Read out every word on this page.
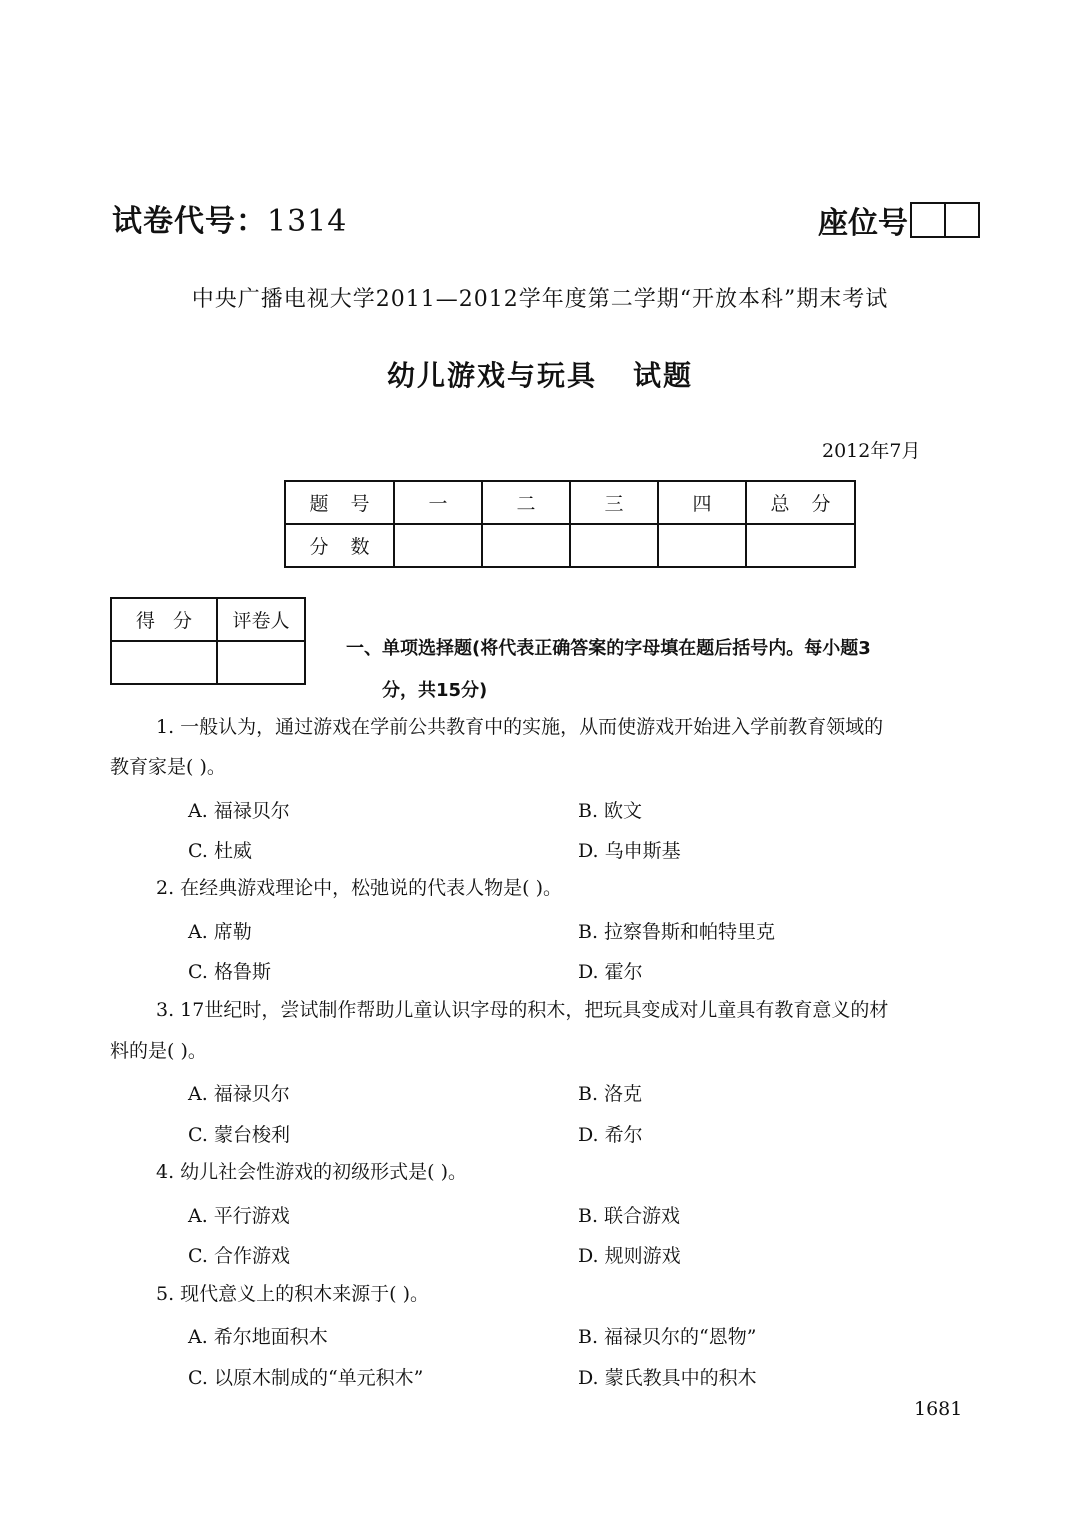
试卷代号：1314	座位号
中央广播电视大学2011—2012学年度第二学期“开放本科”期末考试
幼儿游戏与玩具 试题
2012年7月
题号	一	二	三	四	总分
分数					
得分	评卷人

一、单项选择题(将代表正确答案的字母填在题后括号内。每小题3
分，共15分)
1. 一般认为，通过游戏在学前公共教育中的实施，从而使游戏开始进入学前教育领域的
教育家是( )。
A. 福禄贝尔	B. 欧文
C. 杜威	D. 乌申斯基
2. 在经典游戏理论中，松弛说的代表人物是( )。
A. 席勒	B. 拉察鲁斯和帕特里克
C. 格鲁斯	D. 霍尔
3. 17世纪时，尝试制作帮助儿童认识字母的积木，把玩具变成对儿童具有教育意义的材
料的是( )。
A. 福禄贝尔	B. 洛克
C. 蒙台梭利	D. 希尔
4. 幼儿社会性游戏的初级形式是( )。
A. 平行游戏	B. 联合游戏
C. 合作游戏	D. 规则游戏
5. 现代意义上的积木来源于( )。
A. 希尔地面积木	B. 福禄贝尔的“恩物”
C. 以原木制成的“单元积木”	D. 蒙氏教具中的积木
1681
